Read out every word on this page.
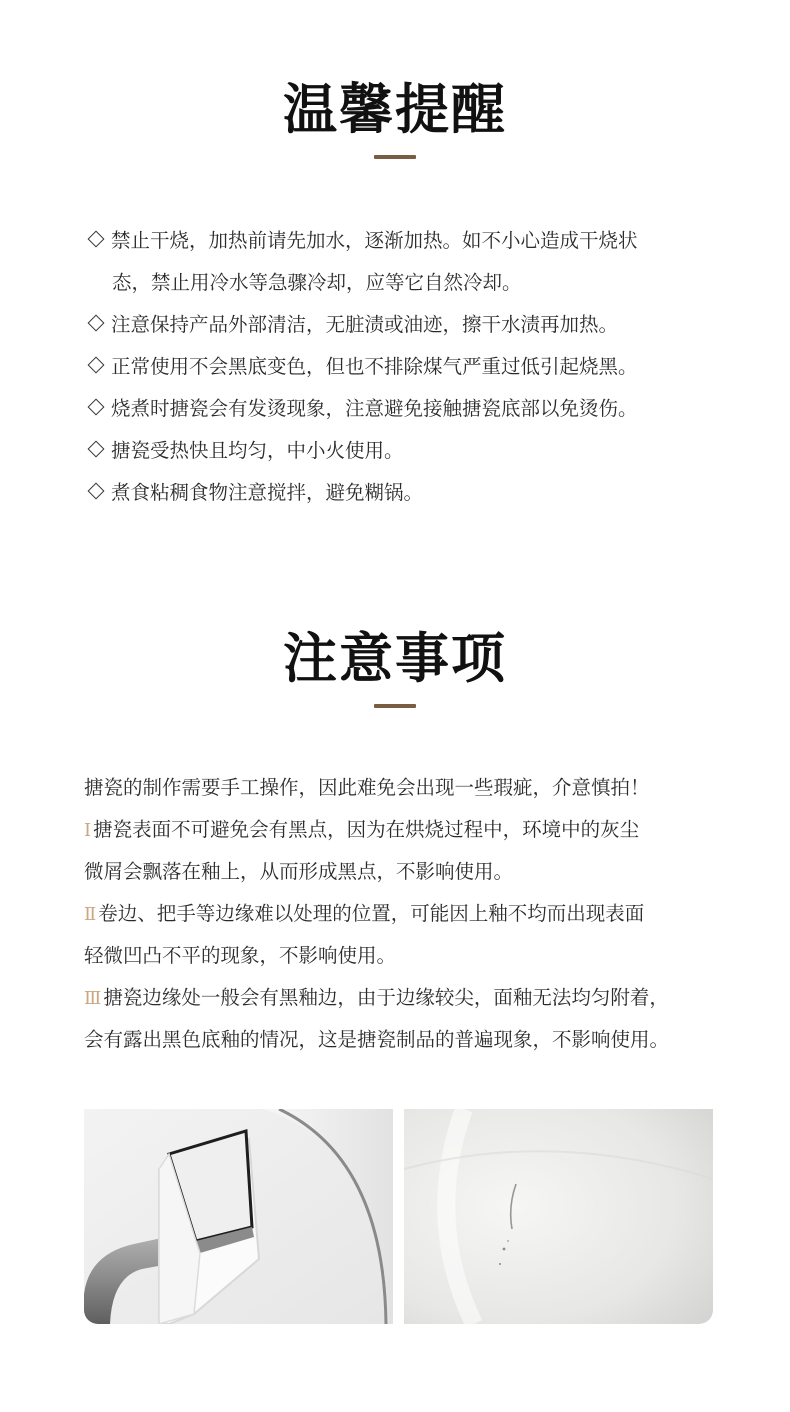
温馨提醒
禁止干烧，加热前请先加水，逐渐加热。如不小心造成干烧状
态，禁止用冷水等急骤冷却，应等它自然冷却。
注意保持产品外部清洁，无脏渍或油迹，擦干水渍再加热。
正常使用不会黑底变色，但也不排除煤气严重过低引起烧黑。
烧煮时搪瓷会有发烫现象，注意避免接触搪瓷底部以免烫伤。
搪瓷受热快且均匀，中小火使用。
煮食粘稠食物注意搅拌，避免糊锅。
注意事项
搪瓷的制作需要手工操作，因此难免会出现一些瑕疵，介意慎拍！
Ⅰ 搪瓷表面不可避免会有黑点，因为在烘烧过程中，环境中的灰尘
微屑会飘落在釉上，从而形成黑点，不影响使用。
Ⅱ 卷边、把手等边缘难以处理的位置，可能因上釉不均而出现表面
轻微凹凸不平的现象，不影响使用。
Ⅲ 搪瓷边缘处一般会有黑釉边，由于边缘较尖，面釉无法均匀附着，
会有露出黑色底釉的情况，这是搪瓷制品的普遍现象，不影响使用。
